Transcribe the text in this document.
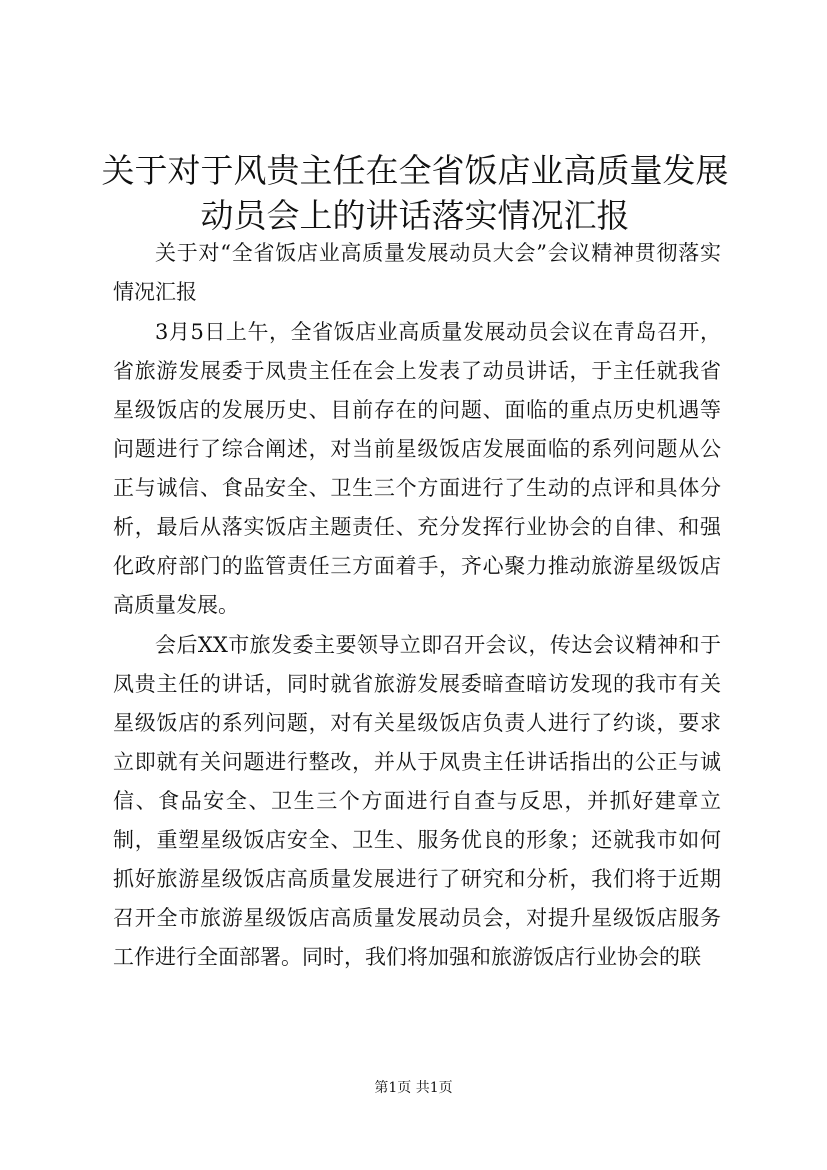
关于对于风贵主任在全省饭店业高质量发展动员会上的讲话落实情况汇报

关于对“全省饭店业高质量发展动员大会”会议精神贯彻落实情况汇报

3月5日上午，全省饭店业高质量发展动员会议在青岛召开，省旅游发展委于凤贵主任在会上发表了动员讲话，于主任就我省星级饭店的发展历史、目前存在的问题、面临的重点历史机遇等问题进行了综合阐述，对当前星级饭店发展面临的系列问题从公正与诚信、食品安全、卫生三个方面进行了生动的点评和具体分析，最后从落实饭店主题责任、充分发挥行业协会的自律、和强化政府部门的监管责任三方面着手，齐心聚力推动旅游星级饭店高质量发展。

会后XX市旅发委主要领导立即召开会议，传达会议精神和于凤贵主任的讲话，同时就省旅游发展委暗查暗访发现的我市有关星级饭店的系列问题，对有关星级饭店负责人进行了约谈，要求立即就有关问题进行整改，并从于凤贵主任讲话指出的公正与诚信、食品安全、卫生三个方面进行自查与反思，并抓好建章立制，重塑星级饭店安全、卫生、服务优良的形象；还就我市如何抓好旅游星级饭店高质量发展进行了研究和分析，我们将于近期召开全市旅游星级饭店高质量发展动员会，对提升星级饭店服务工作进行全面部署。同时，我们将加强和旅游饭店行业协会的联

第1页 共1页
